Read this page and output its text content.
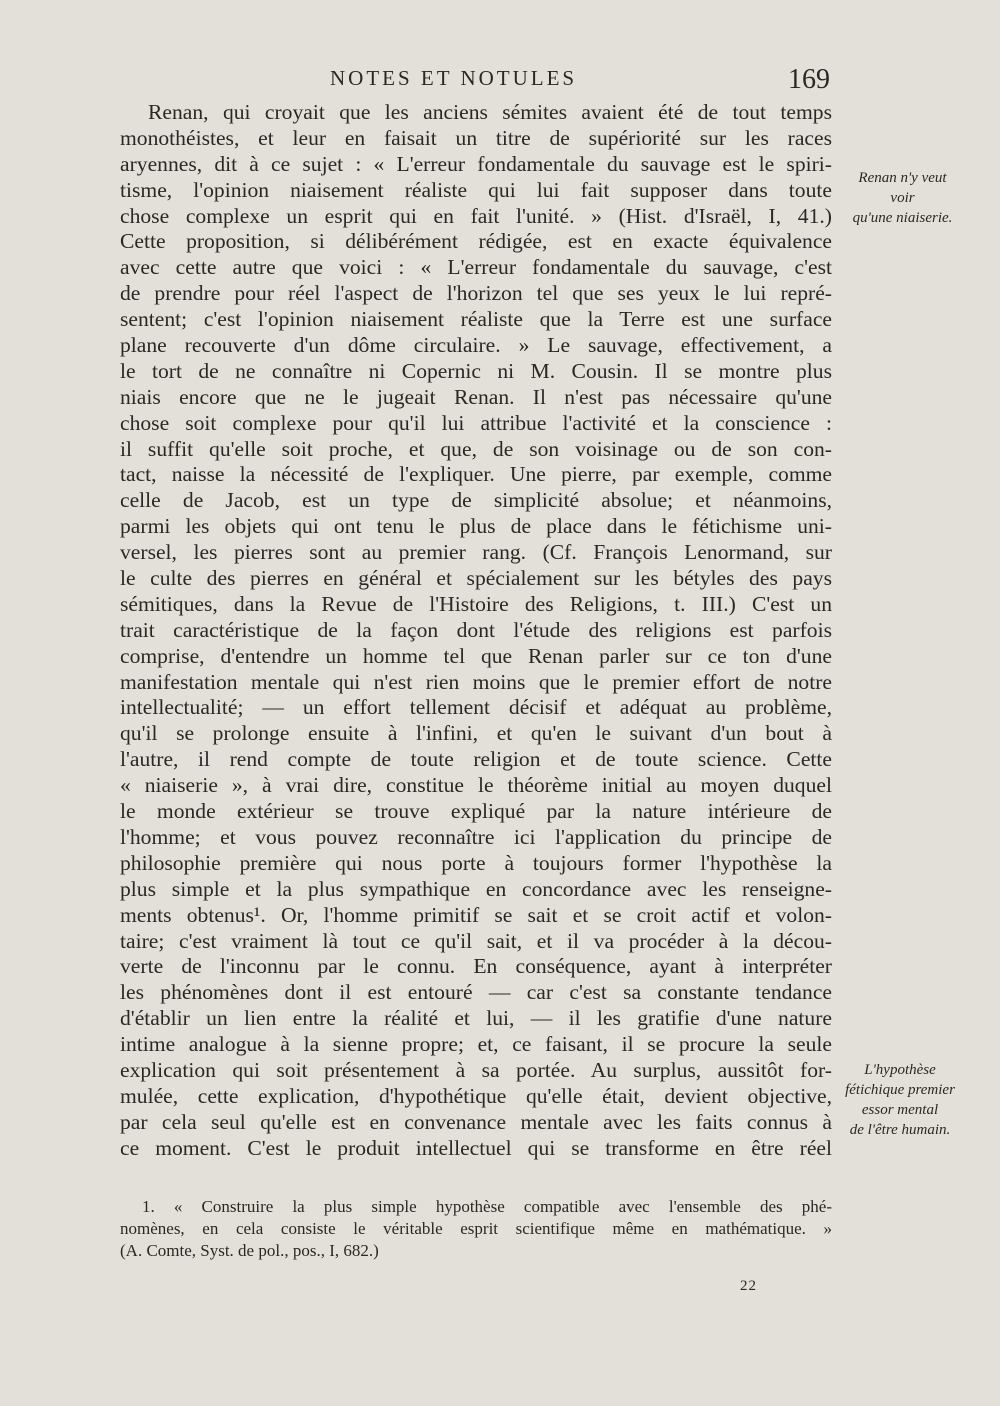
NOTES ET NOTULES	169
Renan, qui croyait que les anciens sémites avaient été de tout temps
monothéistes, et leur en faisait un titre de supériorité sur les races
aryennes, dit à ce sujet : « L'erreur fondamentale du sauvage est le spiri-
tisme, l'opinion niaisement réaliste qui lui fait supposer dans toute
chose complexe un esprit qui en fait l'unité. » (Hist. d'Israël, I, 41.)
Cette proposition, si délibérément rédigée, est en exacte équivalence
avec cette autre que voici : « L'erreur fondamentale du sauvage, c'est
de prendre pour réel l'aspect de l'horizon tel que ses yeux le lui repré-
sentent; c'est l'opinion niaisement réaliste que la Terre est une surface
plane recouverte d'un dôme circulaire. » Le sauvage, effectivement, a
le tort de ne connaître ni Copernic ni M. Cousin. Il se montre plus
niais encore que ne le jugeait Renan. Il n'est pas nécessaire qu'une
chose soit complexe pour qu'il lui attribue l'activité et la conscience :
il suffit qu'elle soit proche, et que, de son voisinage ou de son con-
tact, naisse la nécessité de l'expliquer. Une pierre, par exemple, comme
celle de Jacob, est un type de simplicité absolue; et néanmoins,
parmi les objets qui ont tenu le plus de place dans le fétichisme uni-
versel, les pierres sont au premier rang. (Cf. François Lenormand, sur
le culte des pierres en général et spécialement sur les bétyles des pays
sémitiques, dans la Revue de l'Histoire des Religions, t. III.) C'est un
trait caractéristique de la façon dont l'étude des religions est parfois
comprise, d'entendre un homme tel que Renan parler sur ce ton d'une
manifestation mentale qui n'est rien moins que le premier effort de notre
intellectualité; — un effort tellement décisif et adéquat au problème,
qu'il se prolonge ensuite à l'infini, et qu'en le suivant d'un bout à
l'autre, il rend compte de toute religion et de toute science. Cette
« niaiserie », à vrai dire, constitue le théorème initial au moyen duquel
le monde extérieur se trouve expliqué par la nature intérieure de
l'homme; et vous pouvez reconnaître ici l'application du principe de
philosophie première qui nous porte à toujours former l'hypothèse la
plus simple et la plus sympathique en concordance avec les renseigne-
ments obtenus¹. Or, l'homme primitif se sait et se croit actif et volon-
taire; c'est vraiment là tout ce qu'il sait, et il va procéder à la décou-
verte de l'inconnu par le connu. En conséquence, ayant à interpréter
les phénomènes dont il est entouré — car c'est sa constante tendance
d'établir un lien entre la réalité et lui, — il les gratifie d'une nature
intime analogue à la sienne propre; et, ce faisant, il se procure la seule
explication qui soit présentement à sa portée. Au surplus, aussitôt for-
mulée, cette explication, d'hypothétique qu'elle était, devient objective,
par cela seul qu'elle est en convenance mentale avec les faits connus à
ce moment. C'est le produit intellectuel qui se transforme en être réel
Renan n'y veut
voir
qu'une niaiserie.
L'hypothèse
fétichique premier
essor mental
de l'être humain.
1. « Construire la plus simple hypothèse compatible avec l'ensemble des phé-
nomènes, en cela consiste le véritable esprit scientifique même en mathématique. »
(A. Comte, Syst. de pol., pos., I, 682.)
22
